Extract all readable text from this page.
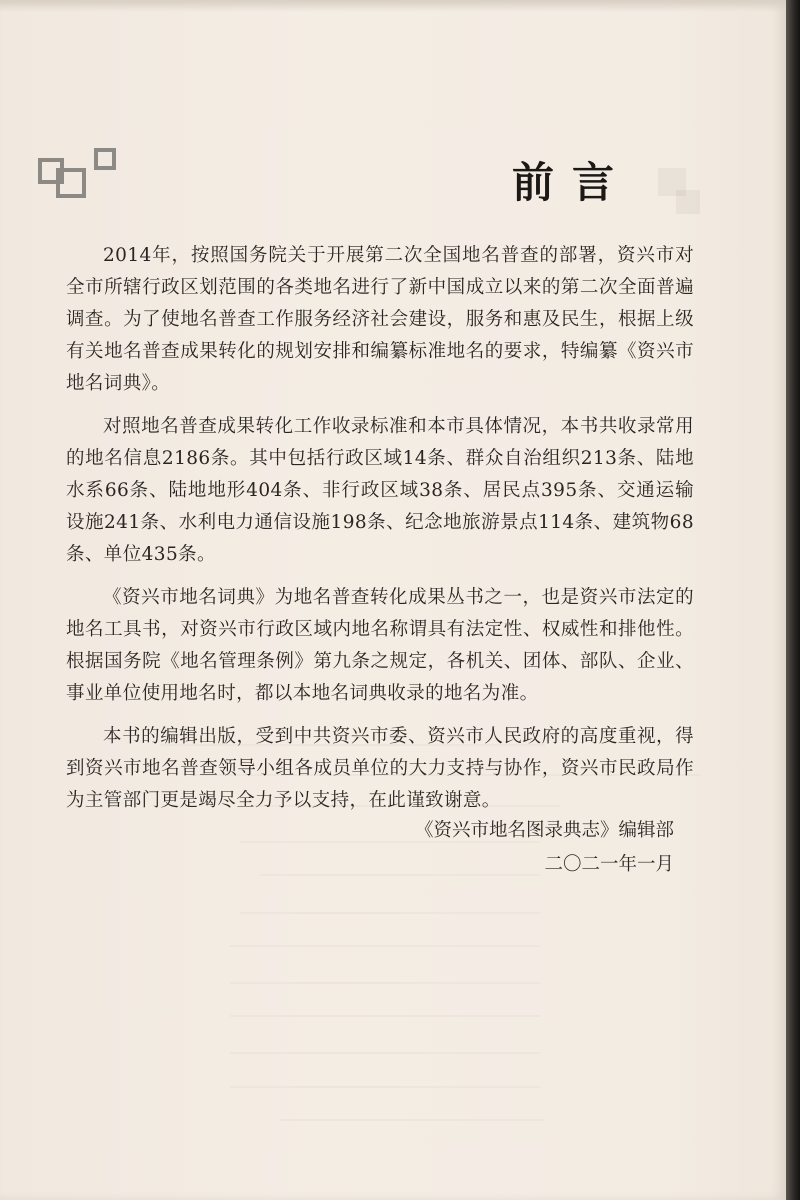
前言

2014年，按照国务院关于开展第二次全国地名普查的部署，资兴市对全市所辖行政区划范围的各类地名进行了新中国成立以来的第二次全面普遍调查。为了使地名普查工作服务经济社会建设，服务和惠及民生，根据上级有关地名普查成果转化的规划安排和编纂标准地名的要求，特编纂《资兴市地名词典》。

对照地名普查成果转化工作收录标准和本市具体情况，本书共收录常用的地名信息2186条。其中包括行政区域14条、群众自治组织213条、陆地水系66条、陆地地形404条、非行政区域38条、居民点395条、交通运输设施241条、水利电力通信设施198条、纪念地旅游景点114条、建筑物68条、单位435条。

《资兴市地名词典》为地名普查转化成果丛书之一，也是资兴市法定的地名工具书，对资兴市行政区域内地名称谓具有法定性、权威性和排他性。根据国务院《地名管理条例》第九条之规定，各机关、团体、部队、企业、事业单位使用地名时，都以本地名词典收录的地名为准。

本书的编辑出版，受到中共资兴市委、资兴市人民政府的高度重视，得到资兴市地名普查领导小组各成员单位的大力支持与协作，资兴市民政局作为主管部门更是竭尽全力予以支持，在此谨致谢意。

《资兴市地名图录典志》编辑部
二〇二一年一月
